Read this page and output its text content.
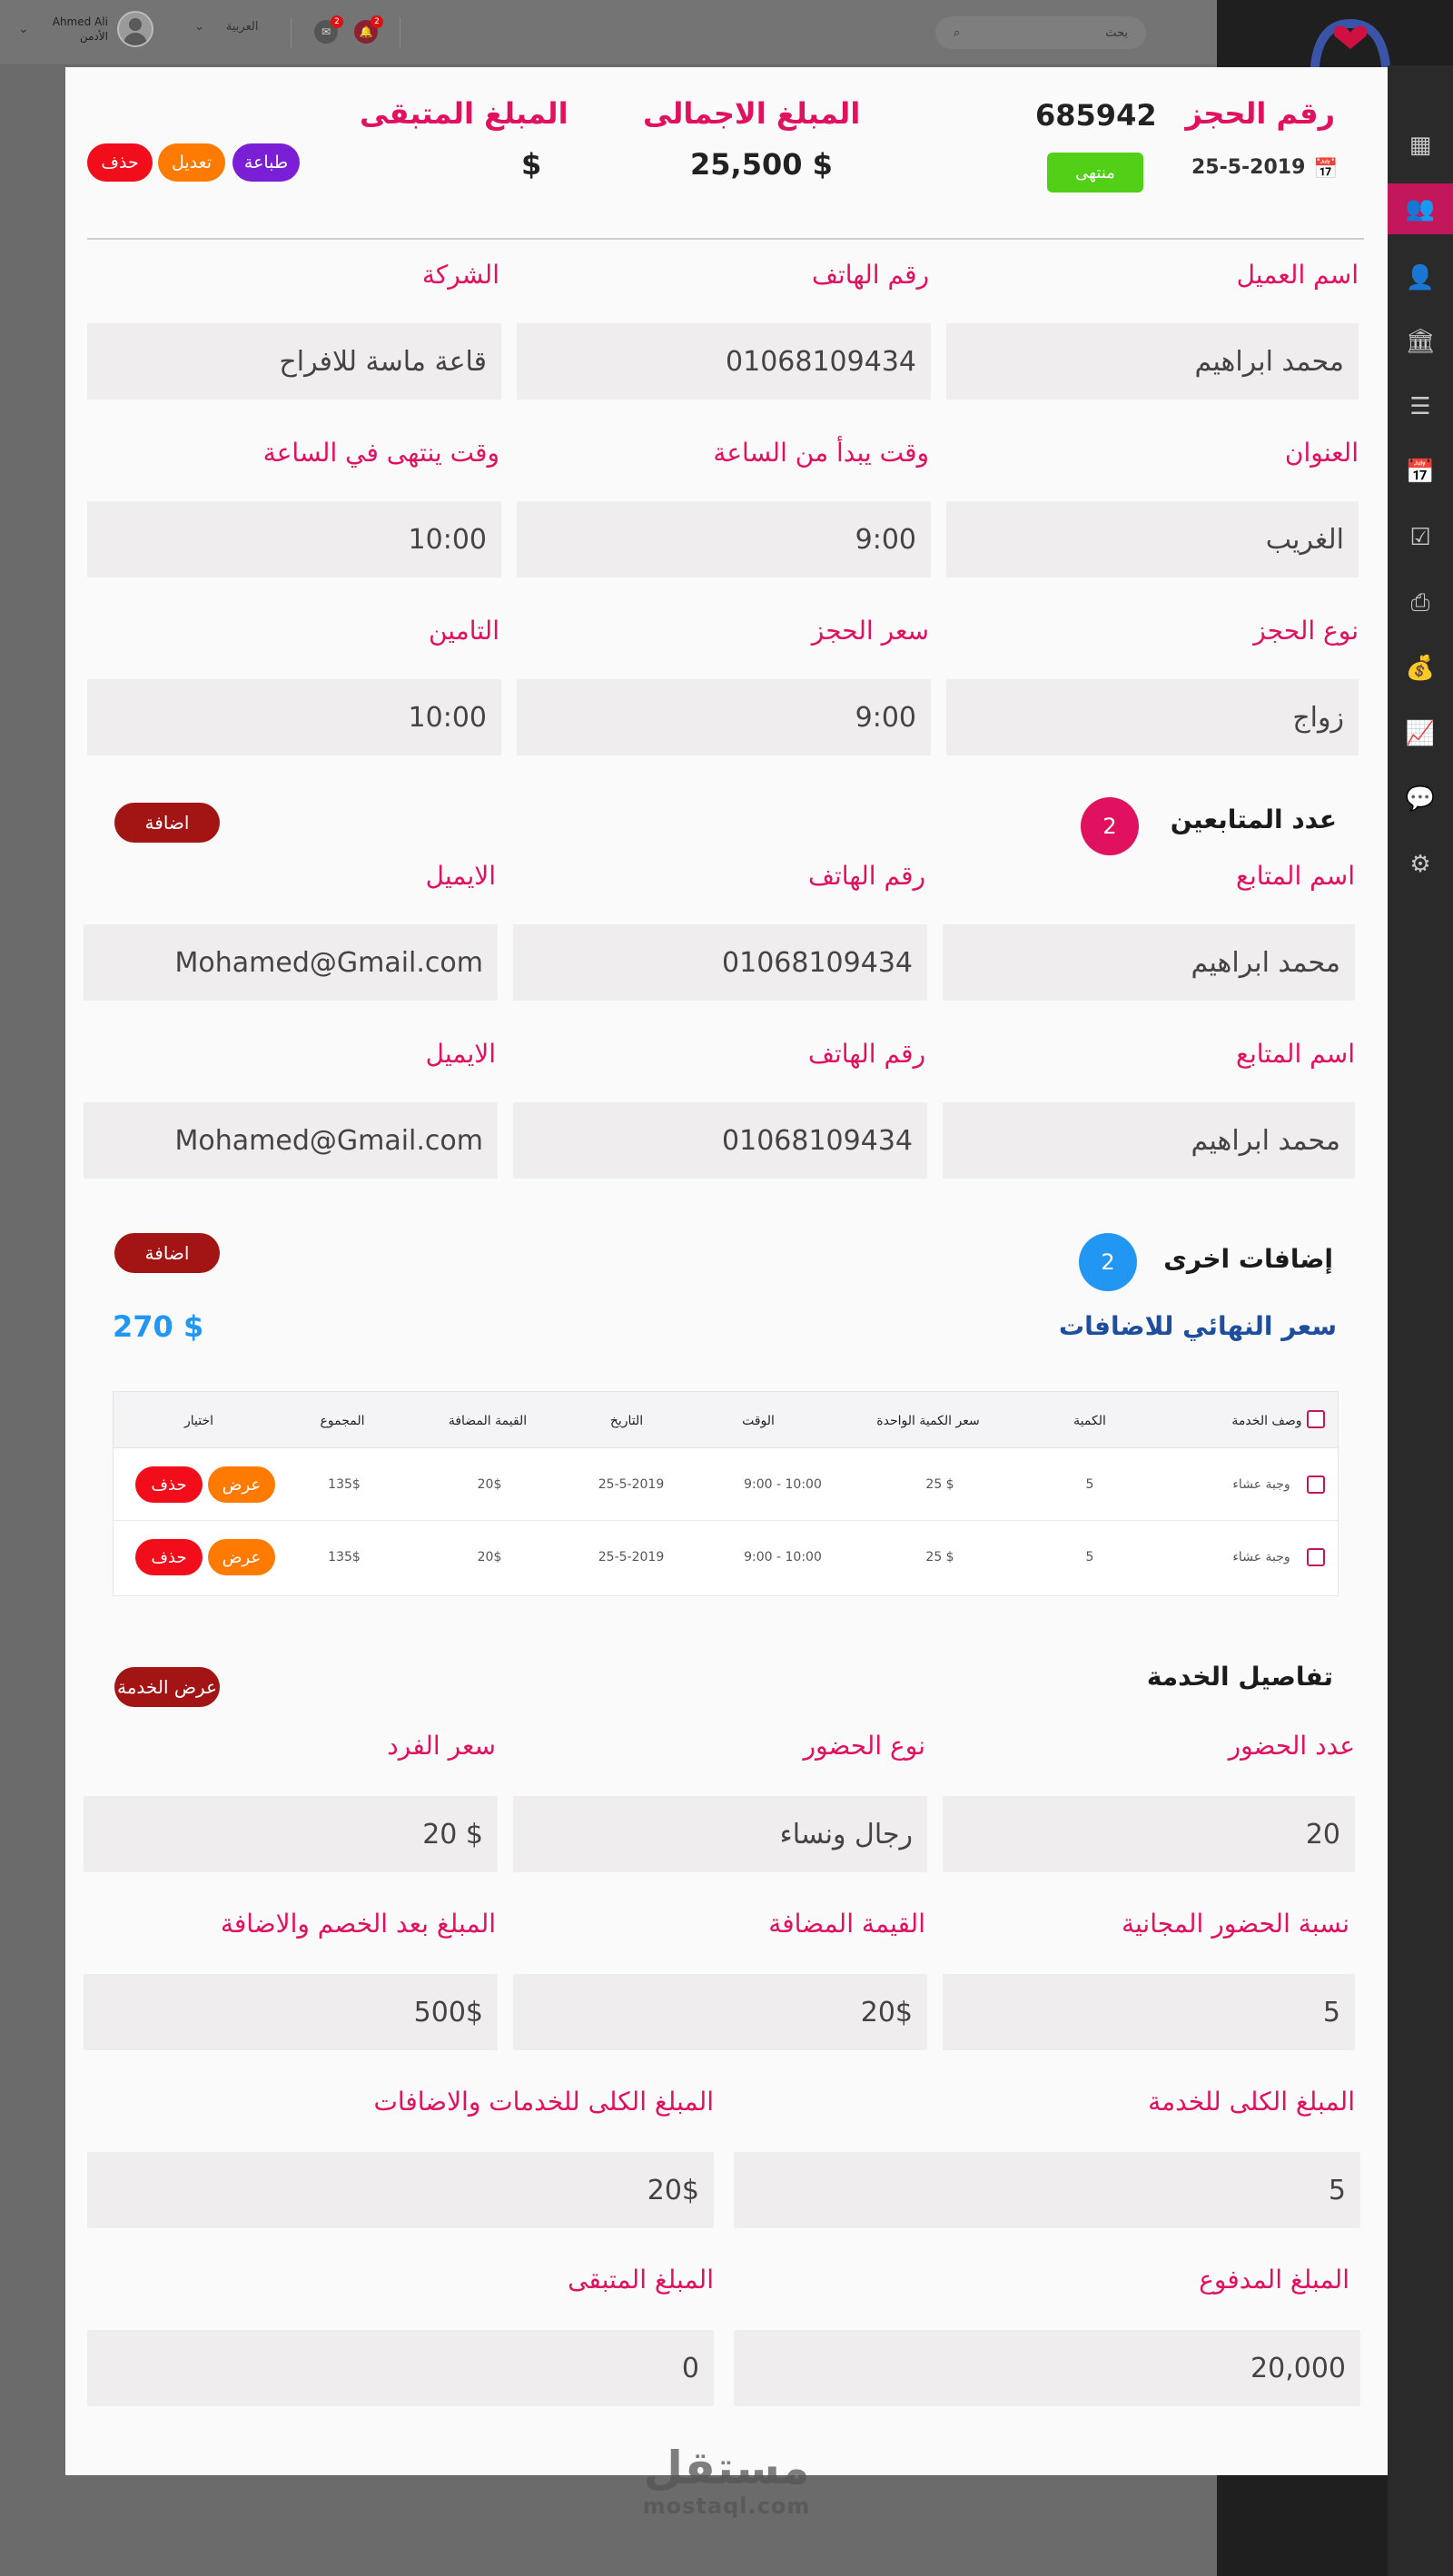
⌄ Ahmed Ali
الأدمن
⌄ العربية	✉
2
🔔
2
⌕	بحث
▦
👥
👤
🏛
☰
📅
☑
⎙
💰
📈
💬
⚙
رقم الحجز
685942
25-5-2019 📅
منتهى
المبلغ الاجمالى
25,500 $
المبلغ المتبقى
$
طباعة
تعديل
حذف
اسم العميل
محمد ابراهيم
رقم الهاتف
01068109434
الشركة
قاعة ماسة للافراح
العنوان
الغريب
وقت يبدأ من الساعة
9:00
وقت ينتهى في الساعة
10:00
نوع الحجز
زواج
سعر الحجز
9:00
التامين
10:00
عدد المتابعين
2
اضافة
اسم المتابع
محمد ابراهيم
رقم الهاتف
01068109434
الايميل
Mohamed@Gmail.com
اسم المتابع
محمد ابراهيم
رقم الهاتف
01068109434
الايميل
Mohamed@Gmail.com
إضافات اخرى
2
اضافة
سعر النهائي للاضافات
270 $
وصف الخدمة
الكمية
سعر الكمية الواحدة
الوقت
التاريخ
القيمة المضافة
المجموع
اختيار
وجبة عشاء
5
25 $
9:00 - 10:00
25-5-2019
20$
135$
عرض
حذف
وجبة عشاء
5
25 $
9:00 - 10:00
25-5-2019
20$
135$
عرض
حذف
تفاصيل الخدمة
عرض الخدمة
عدد الحضور
20
نوع الحضور
رجال ونساء
سعر الفرد
20 $
نسبة الحضور المجانية
5
القيمة المضافة
20$
المبلغ بعد الخصم والاضافة
500$
المبلغ الكلى للخدمة
5
المبلغ الكلى للخدمات والاضافات
20$
المبلغ المدفوع
20,000
المبلغ المتبقى
0
مستقل
mostaql.com
